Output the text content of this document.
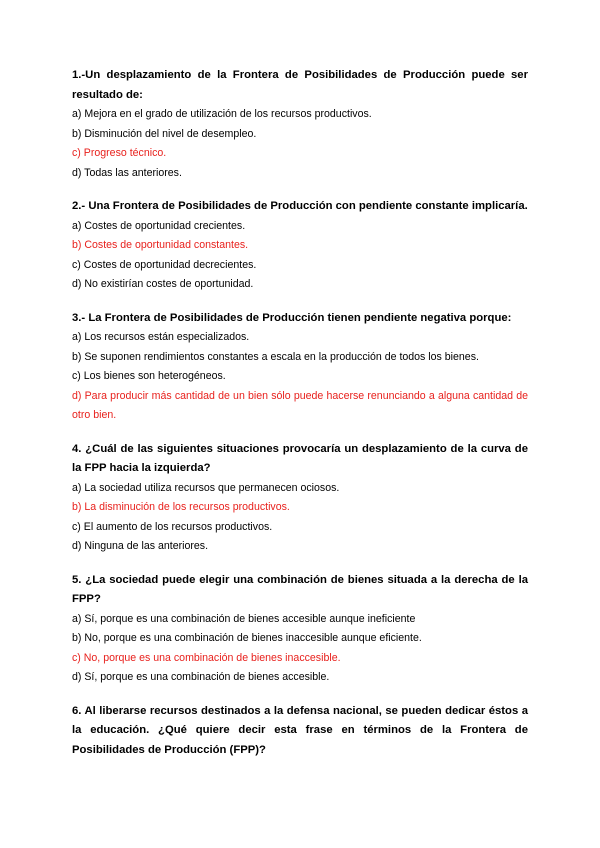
1.-Un desplazamiento de la Frontera de Posibilidades de Producción puede ser resultado de:

a) Mejora en el grado de utilización de los recursos productivos.

b) Disminución del nivel de desempleo.

c) Progreso técnico.

d) Todas las anteriores.

2.- Una Frontera de Posibilidades de Producción con pendiente constante implicaría.

a) Costes de oportunidad crecientes.

b) Costes de oportunidad constantes.

c) Costes de oportunidad decrecientes.

d) No existirían costes de oportunidad.

3.- La Frontera de Posibilidades de Producción tienen pendiente negativa porque:

a) Los recursos están especializados.

b) Se suponen rendimientos constantes a escala en la producción de todos los bienes.

c) Los bienes son heterogéneos.

d) Para producir más cantidad de un bien sólo puede hacerse renunciando a alguna cantidad de otro bien.

4. ¿Cuál de las siguientes situaciones provocaría un desplazamiento de la curva de la FPP hacia la izquierda?

a) La sociedad utiliza recursos que permanecen ociosos.

b) La disminución de los recursos productivos.

c) El aumento de los recursos productivos.

d) Ninguna de las anteriores.

5. ¿La sociedad puede elegir una combinación de bienes situada a la derecha de la FPP?

a) Sí, porque es una combinación de bienes accesible aunque ineficiente

b) No, porque es una combinación de bienes inaccesible aunque eficiente.

c) No, porque es una combinación de bienes inaccesible.

d) Sí, porque es una combinación de bienes accesible.

6. Al liberarse recursos destinados a la defensa nacional, se pueden dedicar éstos a la educación. ¿Qué quiere decir esta frase en términos de la Frontera de Posibilidades de Producción (FPP)?
